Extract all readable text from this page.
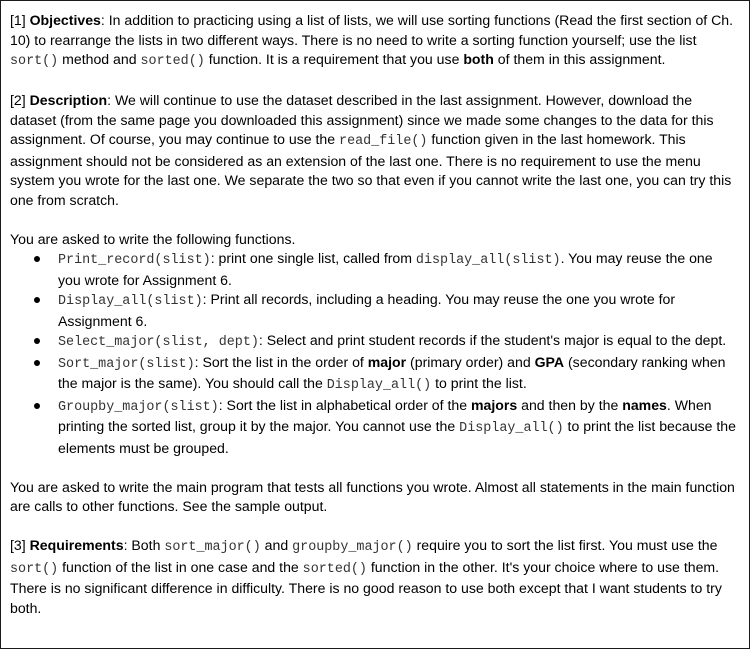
[1] Objectives: In addition to practicing using a list of lists, we will use sorting functions (Read the first section of Ch. 10) to rearrange the lists in two different ways. There is no need to write a sorting function yourself; use the list sort() method and sorted() function. It is a requirement that you use both of them in this assignment.

[2] Description: We will continue to use the dataset described in the last assignment. However, download the dataset (from the same page you downloaded this assignment) since we made some changes to the data for this assignment. Of course, you may continue to use the read_file() function given in the last homework. This assignment should not be considered as an extension of the last one. There is no requirement to use the menu system you wrote for the last one. We separate the two so that even if you cannot write the last one, you can try this one from scratch.

You are asked to write the following functions.

Print_record(slist): print one single list, called from display_all(slist). You may reuse the one you wrote for Assignment 6.
Display_all(slist): Print all records, including a heading. You may reuse the one you wrote for Assignment 6.
Select_major(slist, dept): Select and print student records if the student's major is equal to the dept.
Sort_major(slist): Sort the list in the order of major (primary order) and GPA (secondary ranking when the major is the same). You should call the Display_all() to print the list.
Groupby_major(slist): Sort the list in alphabetical order of the majors and then by the names. When printing the sorted list, group it by the major. You cannot use the Display_all() to print the list because the elements must be grouped.

You are asked to write the main program that tests all functions you wrote. Almost all statements in the main function are calls to other functions. See the sample output.

[3] Requirements: Both sort_major() and groupby_major() require you to sort the list first. You must use the sort() function of the list in one case and the sorted() function in the other. It's your choice where to use them. There is no significant difference in difficulty. There is no good reason to use both except that I want students to try both.
